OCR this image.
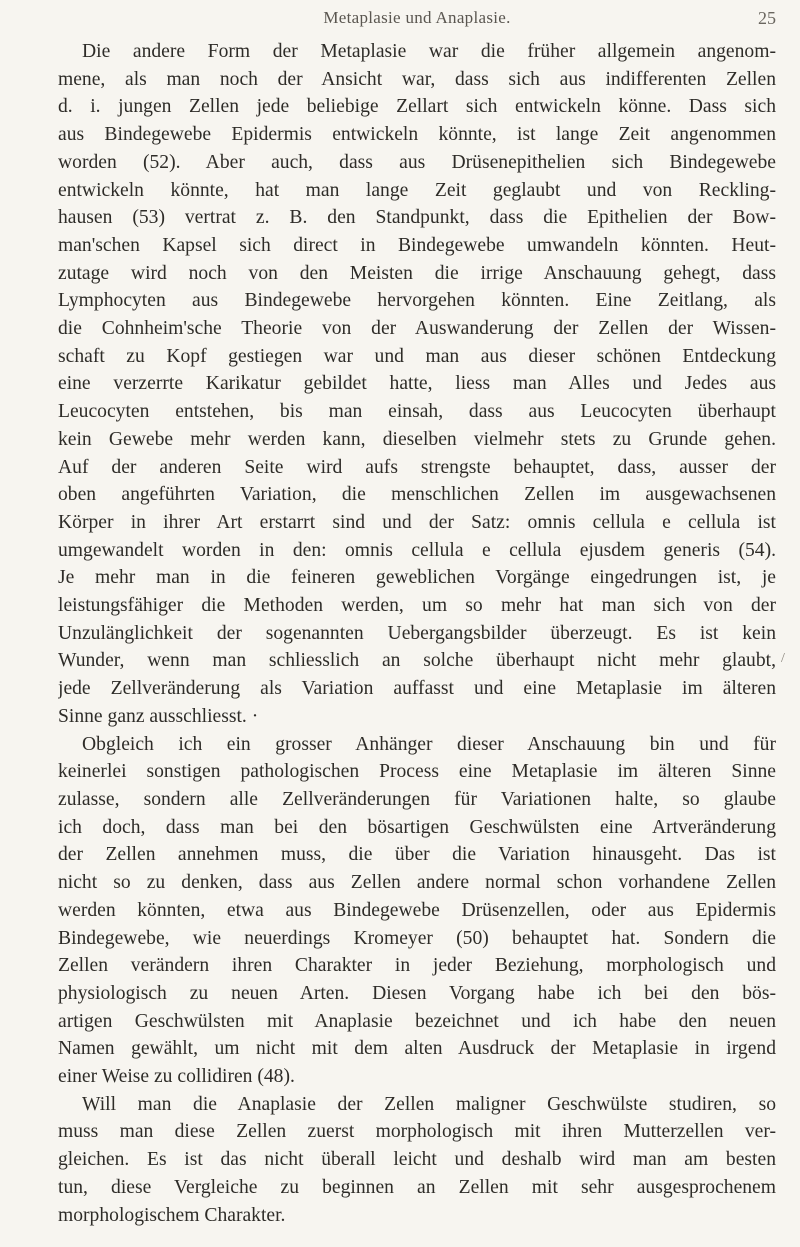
Metaplasie und Anaplasie.	25

Die andere Form der Metaplasie war die früher allgemein angenom-
mene, als man noch der Ansicht war, dass sich aus indifferenten Zellen
d. i. jungen Zellen jede beliebige Zellart sich entwickeln könne. Dass sich
aus Bindegewebe Epidermis entwickeln könnte, ist lange Zeit angenommen
worden (52). Aber auch, dass aus Drüsenepithelien sich Bindegewebe
entwickeln könnte, hat man lange Zeit geglaubt und von Reckling-
hausen (53) vertrat z. B. den Standpunkt, dass die Epithelien der Bow-
man'schen Kapsel sich direct in Bindegewebe umwandeln könnten. Heut-
zutage wird noch von den Meisten die irrige Anschauung gehegt, dass
Lymphocyten aus Bindegewebe hervorgehen könnten. Eine Zeitlang, als
die Cohnheim'sche Theorie von der Auswanderung der Zellen der Wissen-
schaft zu Kopf gestiegen war und man aus dieser schönen Entdeckung
eine verzerrte Karikatur gebildet hatte, liess man Alles und Jedes aus
Leucocyten entstehen, bis man einsah, dass aus Leucocyten überhaupt
kein Gewebe mehr werden kann, dieselben vielmehr stets zu Grunde gehen.
Auf der anderen Seite wird aufs strengste behauptet, dass, ausser der
oben angeführten Variation, die menschlichen Zellen im ausgewachsenen
Körper in ihrer Art erstarrt sind und der Satz: omnis cellula e cellula ist
umgewandelt worden in den: omnis cellula e cellula ejusdem generis (54).
Je mehr man in die feineren geweblichen Vorgänge eingedrungen ist, je
leistungsfähiger die Methoden werden, um so mehr hat man sich von der
Unzulänglichkeit der sogenannten Uebergangsbilder überzeugt. Es ist kein
Wunder, wenn man schliesslich an solche überhaupt nicht mehr glaubt,
jede Zellveränderung als Variation auffasst und eine Metaplasie im älteren
Sinne ganz ausschliesst. ·

Obgleich ich ein grosser Anhänger dieser Anschauung bin und für
keinerlei sonstigen pathologischen Process eine Metaplasie im älteren Sinne
zulasse, sondern alle Zellveränderungen für Variationen halte, so glaube
ich doch, dass man bei den bösartigen Geschwülsten eine Artveränderung
der Zellen annehmen muss, die über die Variation hinausgeht. Das ist
nicht so zu denken, dass aus Zellen andere normal schon vorhandene Zellen
werden könnten, etwa aus Bindegewebe Drüsenzellen, oder aus Epidermis
Bindegewebe, wie neuerdings Kromeyer (50) behauptet hat. Sondern die
Zellen verändern ihren Charakter in jeder Beziehung, morphologisch und
physiologisch zu neuen Arten. Diesen Vorgang habe ich bei den bös-
artigen Geschwülsten mit Anaplasie bezeichnet und ich habe den neuen
Namen gewählt, um nicht mit dem alten Ausdruck der Metaplasie in irgend
einer Weise zu collidiren (48).

Will man die Anaplasie der Zellen maligner Geschwülste studiren, so
muss man diese Zellen zuerst morphologisch mit ihren Mutterzellen ver-
gleichen. Es ist das nicht überall leicht und deshalb wird man am besten
tun, diese Vergleiche zu beginnen an Zellen mit sehr ausgesprochenem
morphologischem Charakter.

/
